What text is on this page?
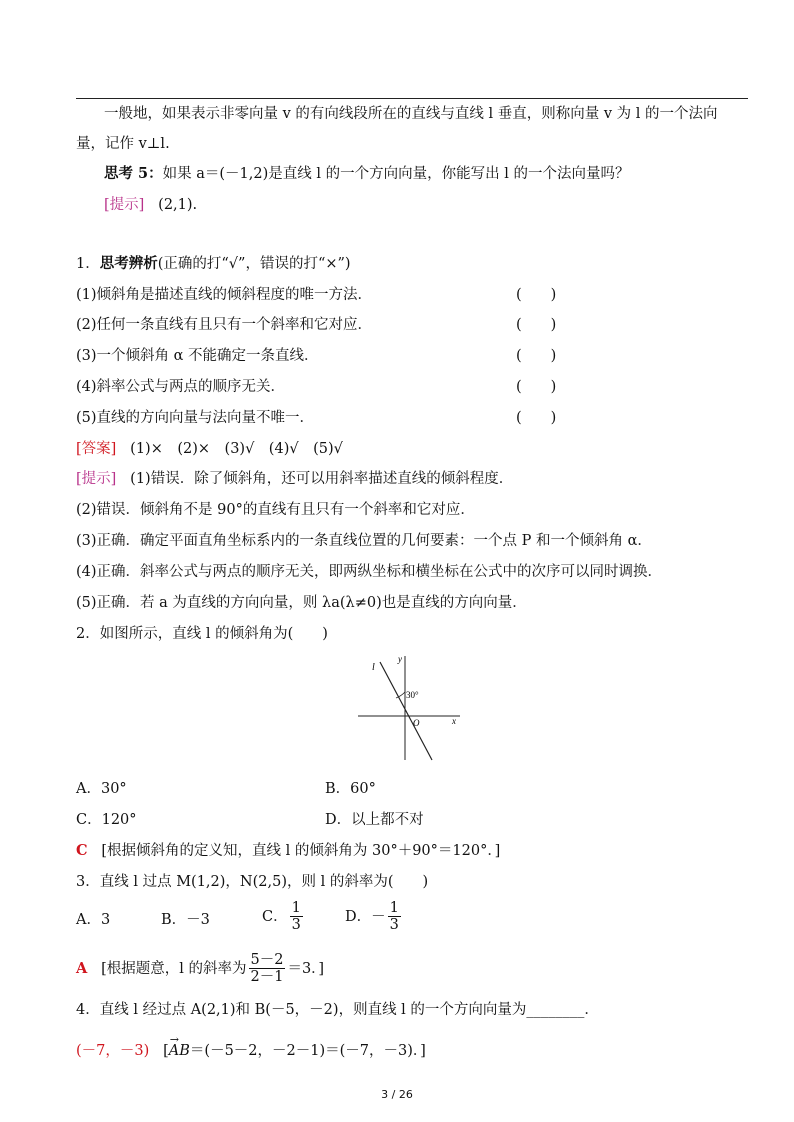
一般地，如果表示非零向量 v 的有向线段所在的直线与直线 l 垂直，则称向量 v 为 l 的一个法向
量，记作 v⊥l.
思考 5：如果 a＝(－1,2)是直线 l 的一个方向向量，你能写出 l 的一个法向量吗？
[提示] (2,1).
1．思考辨析(正确的打“√”，错误的打“×”)
(1)倾斜角是描述直线的倾斜程度的唯一方法．	(　　)
(2)任何一条直线有且只有一个斜率和它对应．	(　　)
(3)一个倾斜角 α 不能确定一条直线．	(　　)
(4)斜率公式与两点的顺序无关．	(　　)
(5)直线的方向向量与法向量不唯一．	(　　)
[答案] (1)×　(2)×　(3)√　(4)√　(5)√
[提示] (1)错误．除了倾斜角，还可以用斜率描述直线的倾斜程度．
(2)错误．倾斜角不是 90°的直线有且只有一个斜率和它对应．
(3)正确．确定平面直角坐标系内的一条直线位置的几何要素：一个点 P 和一个倾斜角 α．
(4)正确．斜率公式与两点的顺序无关，即两纵坐标和横坐标在公式中的次序可以同时调换．
(5)正确．若 a 为直线的方向向量，则 λa(λ≠0)也是直线的方向向量．
2．如图所示，直线 l 的倾斜角为(　　)
l
y
30°
O	x
A．30°	B．60°
C．120°	D．以上都不对
C [根据倾斜角的定义知，直线 l 的倾斜角为 30°＋90°＝120°．]
3．直线 l 过点 M(1,2)，N(2,5)，则 l 的斜率为(　　)
A．3	B．－3	C． $\frac{1}{3}$	D．－ $\frac{1}{3}$
A [根据题意，l 的斜率为 $\frac{5-2}{2-1} =3$．]
4．直线 l 经过点 A(2,1)和 B(－5，－2)，则直线 l 的一个方向向量为________．
(－7，－3) [→ AB＝(－5－2，－2－1)＝(－7，－3)．]
3 / 26
